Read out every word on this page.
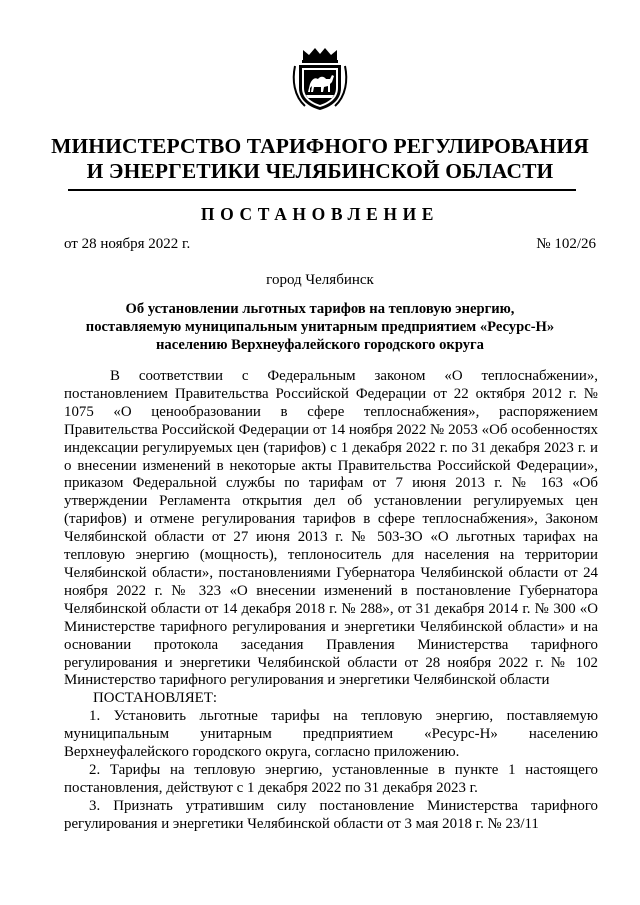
МИНИСТЕРСТВО ТАРИФНОГО РЕГУЛИРОВАНИЯ
И ЭНЕРГЕТИКИ ЧЕЛЯБИНСКОЙ ОБЛАСТИ
ПОСТАНОВЛЕНИЕ
от 28 ноября 2022 г.	№ 102/26
город Челябинск
Об установлении льготных тарифов на тепловую энергию,
поставляемую муниципальным унитарным предприятием «Ресурс-Н»
населению Верхнеуфалейского городского округа

В соответствии с Федеральным законом «О теплоснабжении», постановлением Правительства Российской Федерации от 22 октября 2012 г. № 1075 «О ценообразовании в сфере теплоснабжения», распоряжением Правительства Российской Федерации от 14 ноября 2022 № 2053 «Об особенностях индексации регулируемых цен (тарифов) с 1 декабря 2022 г. по 31 декабря 2023 г. и о внесении изменений в некоторые акты Правительства Российской Федерации», приказом Федеральной службы по тарифам от 7 июня 2013 г. № 163 «Об утверждении Регламента открытия дел об установлении регулируемых цен (тарифов) и отмене регулирования тарифов в сфере теплоснабжения», Законом Челябинской области от 27 июня 2013 г. № 503-ЗО «О льготных тарифах на тепловую энергию (мощность), теплоноситель для населения на территории Челябинской области», постановлениями Губернатора Челябинской области от 24 ноября 2022 г. № 323 «О внесении изменений в постановление Губернатора Челябинской области от 14 декабря 2018 г. № 288», от 31 декабря 2014 г. № 300 «О Министерстве тарифного регулирования и энергетики Челябинской области» и на основании протокола заседания Правления Министерства тарифного регулирования и энергетики Челябинской области от 28 ноября 2022 г. № 102 Министерство тарифного регулирования и энергетики Челябинской области

ПОСТАНОВЛЯЕТ:

1. Установить льготные тарифы на тепловую энергию, поставляемую муниципальным унитарным предприятием «Ресурс-Н» населению Верхнеуфалейского городского округа, согласно приложению.

2. Тарифы на тепловую энергию, установленные в пункте 1 настоящего постановления, действуют с 1 декабря 2022 по 31 декабря 2023 г.

3. Признать утратившим силу постановление Министерства тарифного регулирования и энергетики Челябинской области от 3 мая 2018 г. № 23/11
